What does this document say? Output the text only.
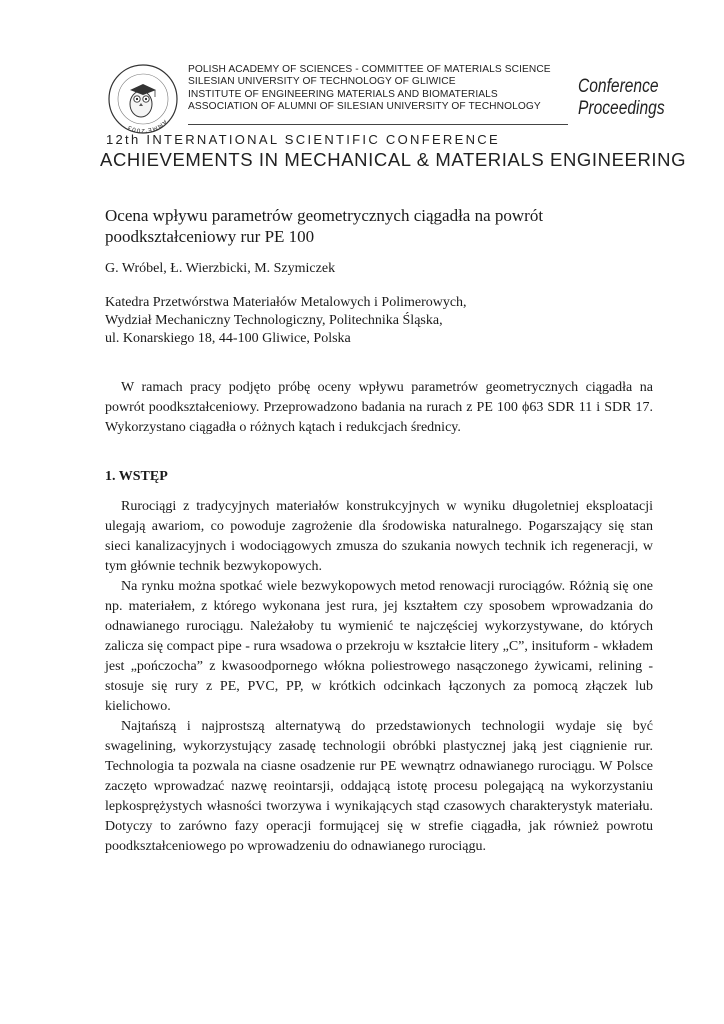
AMME'2003
POLISH ACADEMY OF SCIENCES - COMMITTEE OF MATERIALS SCIENCE
SILESIAN UNIVERSITY OF TECHNOLOGY OF GLIWICE
INSTITUTE OF ENGINEERING MATERIALS AND BIOMATERIALS
ASSOCIATION OF ALUMNI OF SILESIAN UNIVERSITY OF TECHNOLOGY
Conference
Proceedings
12th INTERNATIONAL SCIENTIFIC CONFERENCE
ACHIEVEMENTS IN MECHANICAL & MATERIALS ENGINEERING
Ocena wpływu parametrów geometrycznych ciągadła na powrót
poodkształceniowy rur PE 100
G. Wróbel, Ł. Wierzbicki, M. Szymiczek
Katedra Przetwórstwa Materiałów Metalowych i Polimerowych,
Wydział Mechaniczny Technologiczny, Politechnika Śląska,
ul. Konarskiego 18, 44-100 Gliwice, Polska

W ramach pracy podjęto próbę oceny wpływu parametrów geometrycznych ciągadła na powrót poodkształceniowy. Przeprowadzono badania na rurach z PE 100 ϕ63 SDR 11 i SDR 17. Wykorzystano ciągadła o różnych kątach i redukcjach średnicy.

1. WSTĘP

Rurociągi z tradycyjnych materiałów konstrukcyjnych w wyniku długoletniej eksploatacji ulegają awariom, co powoduje zagrożenie dla środowiska naturalnego. Pogarszający się stan sieci kanalizacyjnych i wodociągowych zmusza do szukania nowych technik ich regeneracji, w tym głównie technik bezwykopowych.

Na rynku można spotkać wiele bezwykopowych metod renowacji rurociągów. Różnią się one np. materiałem, z którego wykonana jest rura, jej kształtem czy sposobem wprowadzania do odnawianego rurociągu. Należałoby tu wymienić te najczęściej wykorzystywane, do których zalicza się compact pipe - rura wsadowa o przekroju w kształcie litery „C”, insituform - wkładem jest „pończocha” z kwasoodpornego włókna poliestrowego nasączonego żywicami, relining - stosuje się rury z PE, PVC, PP, w krótkich odcinkach łączonych za pomocą złączek lub kielichowo.

Najtańszą i najprostszą alternatywą do przedstawionych technologii wydaje się być swagelining, wykorzystujący zasadę technologii obróbki plastycznej jaką jest ciągnienie rur. Technologia ta pozwala na ciasne osadzenie rur PE wewnątrz odnawianego rurociągu. W Polsce zaczęto wprowadzać nazwę reointarsji, oddającą istotę procesu polegającą na wykorzystaniu lepkosprężystych własności tworzywa i wynikających stąd czasowych charakterystyk materiału. Dotyczy to zarówno fazy operacji formującej się w strefie ciągadła, jak również powrotu poodkształceniowego po wprowadzeniu do odnawianego rurociągu.
